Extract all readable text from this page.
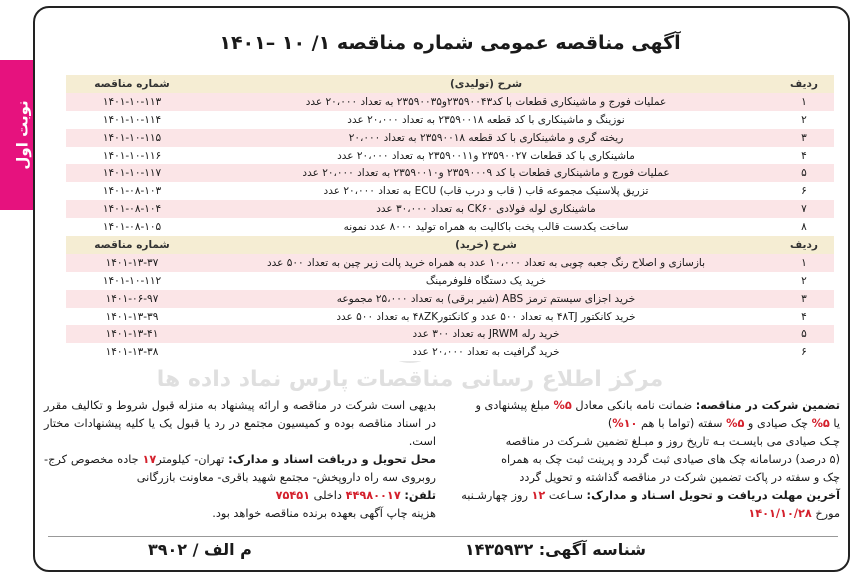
نوبت اول
آگهی مناقصه عمومی شماره مناقصه ۱/ ۱۰ –۱۴۰۱
ردیف	شرح (تولیدی)	شماره مناقصه
۱	عملیات فورج و ماشینکاری قطعات با کد۲۳۵۹۰۰۴۳و۲۳۵۹۰۰۳۵ به تعداد ۲۰،۰۰۰ عدد	۱۴۰۱-۱۰-۱۱۳
۲	نوزینگ و ماشینکاری با کد قطعه ۲۳۵۹۰۰۱۸ به تعداد ۲۰،۰۰۰ عدد	۱۴۰۱-۱۰-۱۱۴
۳	ریخته گری و ماشینکاری با کد قطعه ۲۳۵۹۰۰۱۸ به تعداد ۲۰،۰۰۰	۱۴۰۱-۱۰-۱۱۵
۴	ماشینکاری با کد قطعات ۲۳۵۹۰۰۲۷ و۲۳۵۹۰۰۱۱ به تعداد ۲۰،۰۰۰ عدد	۱۴۰۱-۱۰-۱۱۶
۵	عملیات فورج و ماشینکاری قطعات با کد ۲۳۵۹۰۰۰۹ و۲۳۵۹۰۰۱۰ به تعداد ۲۰،۰۰۰ عدد	۱۴۰۱-۱۰-۱۱۷
۶	تزریق پلاستیک مجموعه قاب ( قاب و درب قاب) ECU به تعداد ۲۰،۰۰۰ عدد	۱۴۰۱-۰۸-۱۰۳
۷	ماشینکاری لوله فولادی CK۶۰ به تعداد ۳۰،۰۰۰ عدد	۱۴۰۱-۰۸-۱۰۴
۸	ساخت یکدست قالب پخت باکالیت به همراه تولید ۸۰۰۰ عدد نمونه	۱۴۰۱-۰۸-۱۰۵
ردیف	شرح (خرید)	شماره مناقصه
۱	بازسازی و اصلاح رنگ جعبه چوبی به تعداد ۱۰،۰۰۰ عدد به همراه خرید پالت زیر چین به تعداد ۵۰۰ عدد	۱۴۰۱-۱۳-۳۷
۲	خرید یک دستگاه فلوفرمینگ	۱۴۰۱-۱۰-۱۱۲
۳	خرید اجزای سیستم ترمز ABS (شیر برقی) به تعداد ۲۵،۰۰۰ مجموعه	۱۴۰۱-۰۶-۹۷
۴	خرید کانکتور ۴۸TJ به تعداد ۵۰۰ عدد و کانکتور۴۸ZK به تعداد ۵۰۰ عدد	۱۴۰۱-۱۳-۳۹
۵	خرید رله JRWM به تعداد ۳۰۰ عدد	۱۴۰۱-۱۳-۴۱
۶	خرید گرافیت به تعداد ۲۰،۰۰۰ عدد	۱۴۰۱-۱۳-۳۸
تضمین شرکت در مناقصه: ضمانت نامه بانکی معادل ۵% مبلغ پیشنهادی و
یا ۵% چک صیادی و ۵% سفته (تواما با هم ۱۰%)
چـک صیادی می بایسـت بـه تاریخ روز و مبـلغ تضمین شـرکت در مناقصه
(۵ درصد) درسامانه چک های صیادی ثبت گردد و پرینت ثبت چک به همراه
چک و سفته در پاکت تضمین شرکت در مناقصه گذاشته و تحویل گردد
آخرین مهلت دریافت و تحویل اسـناد و مدارک: سـاعت ۱۲ روز چهارشـنبه
مورخ ۱۴۰۱/۱۰/۲۸
بدیهی است شرکت در مناقصه و ارائه پیشنهاد به منزله قبول شروط و تکالیف مقرر در اسناد مناقصه بوده و کمیسیون مجتمع در رد یا قبول یک یا کلیه پیشنهادات مختار است.
محل تحویل و دریافت اسناد و مدارک: تهران- کیلومتر۱۷ جاده مخصوص کرج- روبروی سه راه داروپخش- مجتمع شهید باقری- معاونت بازرگانی
تلفن: ۴۴۹۸۰۰۱۷ داخلی ۷۵۴۵۱
هزینه چاپ آگهی بعهده برنده مناقصه خواهد بود.
شناسه آگهی: ۱۴۳۵۹۳۲
م الف / ۳۹۰۲
